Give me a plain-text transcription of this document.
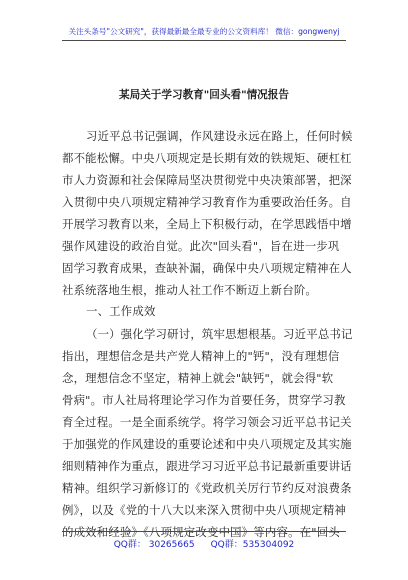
关注头条号"公文研究"，获得最新最全最专业的公文资料库！ 微信：gongwenyj
某局关于学习教育"回头看"情况报告
习近平总书记强调，作风建设永远在路上，任何时候
都不能松懈。中央八项规定是长期有效的铁规矩、硬杠杠
市人力资源和社会保障局坚决贯彻党中央决策部署，把深
入贯彻中央八项规定精神学习教育作为重要政治任务。自
开展学习教育以来，全局上下积极行动，在学思践悟中增
强作风建设的政治自觉。此次"回头看"，旨在进一步巩
固学习教育成果，查缺补漏，确保中央八项规定精神在人
社系统落地生根，推动人社工作不断迈上新台阶。
一、工作成效
（一）强化学习研讨，筑牢思想根基。习近平总书记
指出，理想信念是共产党人精神上的"钙"，没有理想信
念，理想信念不坚定，精神上就会"缺钙"，就会得"软
骨病"。市人社局将理论学习作为首要任务，贯穿学习教
育全过程。一是全面系统学。将学习领会习近平总书记关
于加强党的作风建设的重要论述和中央八项规定及其实施
细则精神作为重点，跟进学习习近平总书记最新重要讲话
精神。组织学习新修订的《党政机关厉行节约反对浪费条
例》，以及《党的十八大以来深入贯彻中央八项规定精神
的成效和经验》《八项规定改变中国》等内容。在"回头
QQ群： 30265665 QQ群：535304092
